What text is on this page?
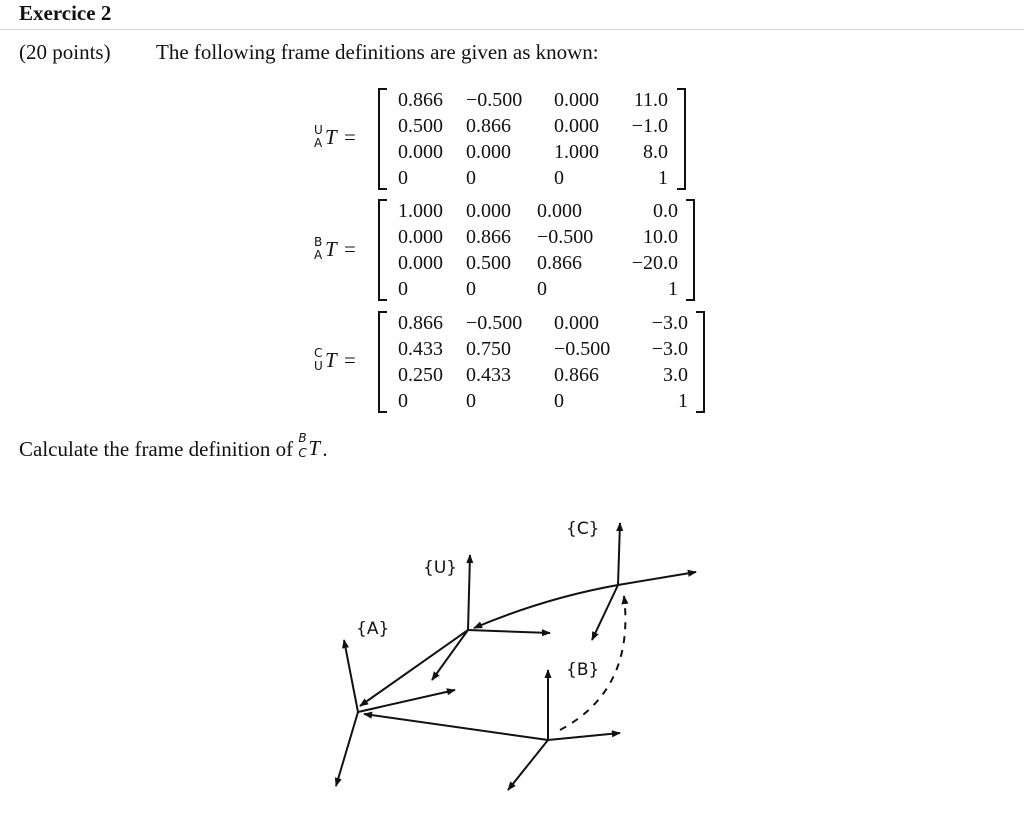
Exercice 2
(20 points) The following frame definitions are given as known:
U
A T =
0.866 −0.500 0.000	11.0
0.500 0.866 0.000	−1.0
0.000 0.000 1.000	8.0
0	0	0	1
B
A T =
1.000 0.000 0.000	0.0
0.000 0.866 −0.500	10.0
0.000 0.500 0.866	−20.0
0	0	0	1
C
U T =
0.866 −0.500 0.000	−3.0
0.433 0.750 −0.500	−3.0
0.250 0.433 0.866	3.0
0	0	0	1
Calculate the frame definition of B
C T .
{A}
{U}
{B}
{C}
